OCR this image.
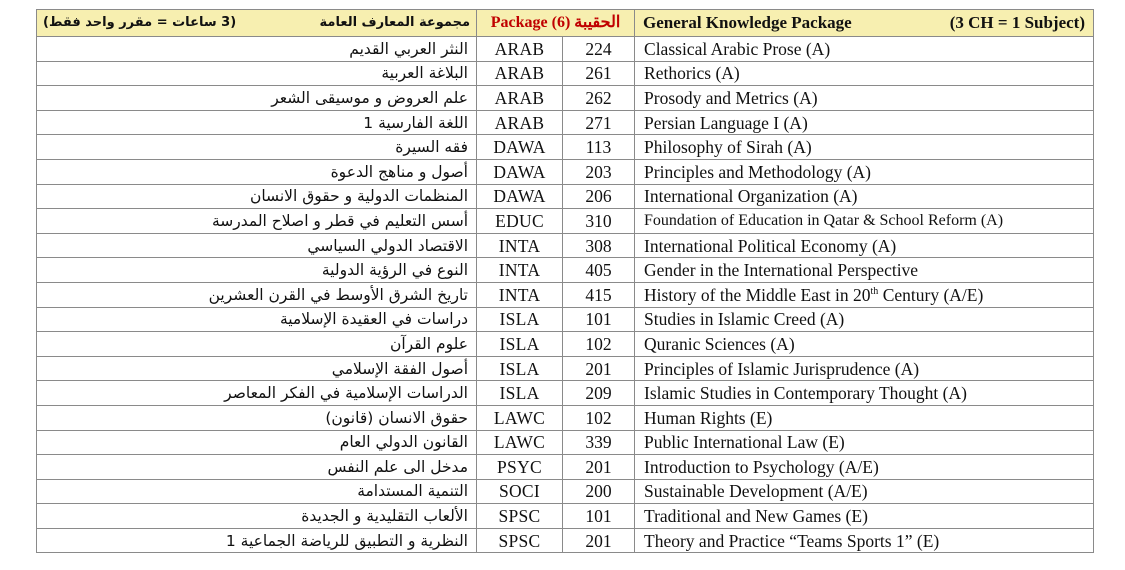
(3 ساعات = مقرر واحد فقط) مجموعة المعارف العامة	Package (6) الحقيبة		General Knowledge Package (3 CH = 1 Subject)

النثر العربي القديم	ARAB	224	Classical Arabic Prose (A)
البلاغة العربية	ARAB	261	Rethorics (A)
علم العروض و موسيقى الشعر	ARAB	262	Prosody and Metrics (A)
اللغة الفارسية 1	ARAB	271	Persian Language I (A)
فقه السيرة	DAWA	113	Philosophy of Sirah (A)
أصول و مناهج الدعوة	DAWA	203	Principles and Methodology (A)
المنظمات الدولية و حقوق الانسان	DAWA	206	International Organization (A)
أسس التعليم في قطر و اصلاح المدرسة	EDUC	310	Foundation of Education in Qatar & School Reform (A)
الاقتصاد الدولي السياسي	INTA	308	International Political Economy (A)
النوع في الرؤية الدولية	INTA	405	Gender in the International Perspective
تاريخ الشرق الأوسط في القرن العشرين	INTA	415	History of the Middle East in 20th Century (A/E)
دراسات في العقيدة الإسلامية	ISLA	101	Studies in Islamic Creed (A)
علوم القرآن	ISLA	102	Quranic Sciences (A)
أصول الفقة الإسلامي	ISLA	201	Principles of Islamic Jurisprudence (A)
الدراسات الإسلامية في الفكر المعاصر	ISLA	209	Islamic Studies in Contemporary Thought (A)
حقوق الانسان (قانون)	LAWC	102	Human Rights (E)
القانون الدولي العام	LAWC	339	Public International Law (E)
مدخل الى علم النفس	PSYC	201	Introduction to Psychology (A/E)
التنمية المستدامة	SOCI	200	Sustainable Development (A/E)
الألعاب التقليدية و الجديدة	SPSC	101	Traditional and New Games (E)
النظرية و التطبيق للرياضة الجماعية 1	SPSC	201	Theory and Practice “Teams Sports 1” (E)
